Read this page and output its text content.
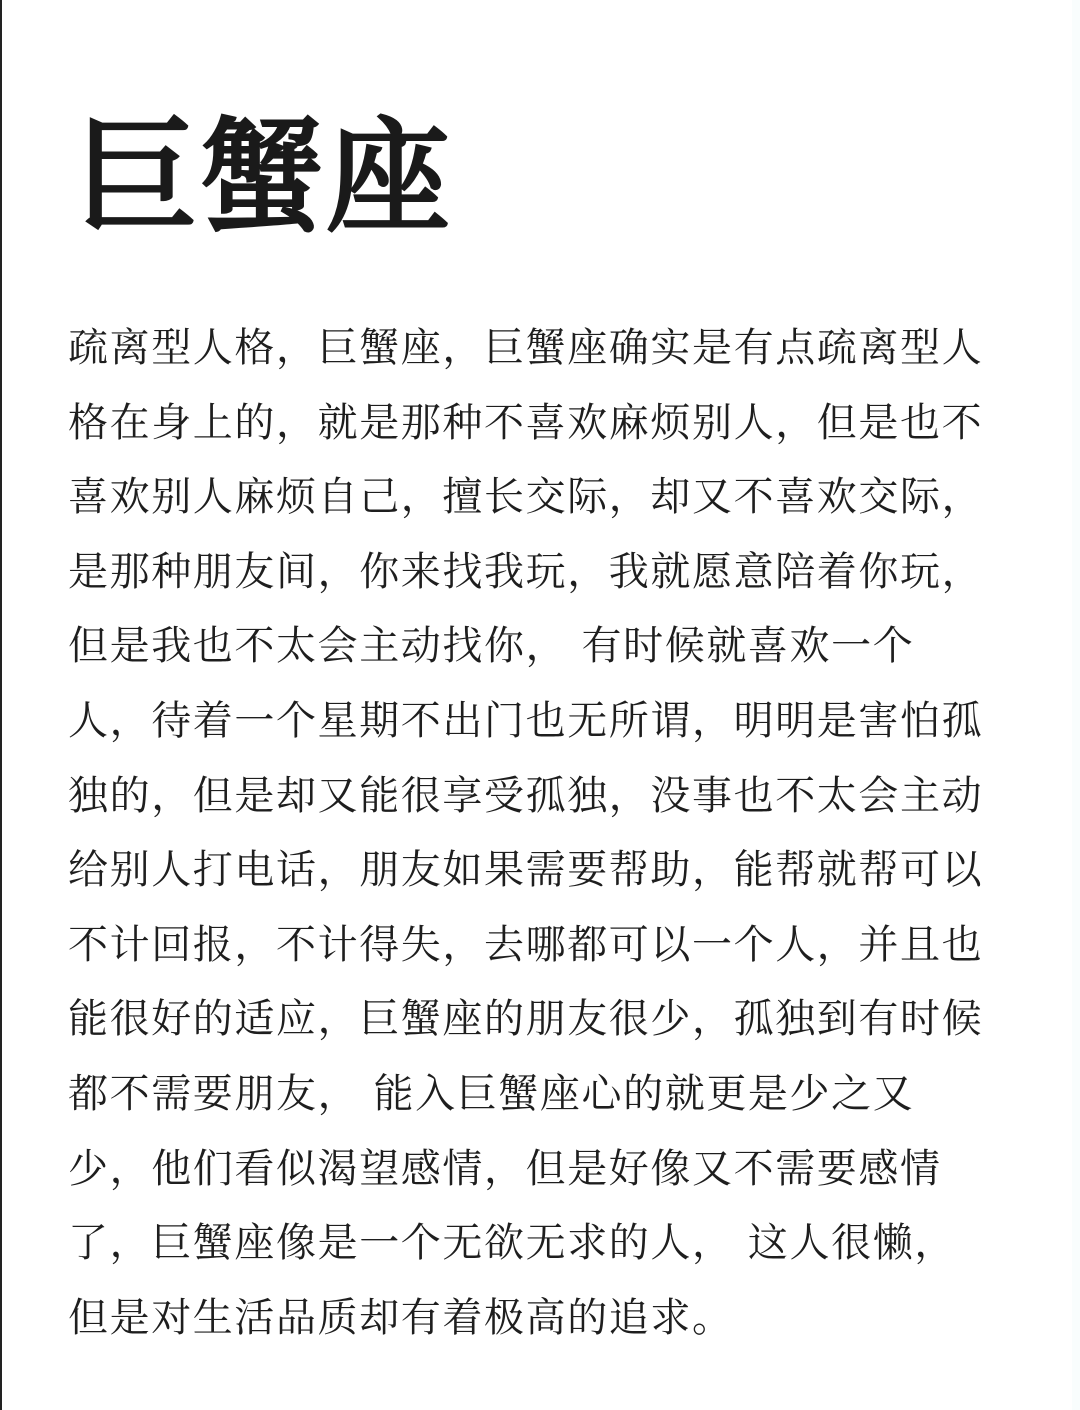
巨蟹座
疏离型人格，巨蟹座，巨蟹座确实是有点疏离型人
格在身上的，就是那种不喜欢麻烦别人，但是也不
喜欢别人麻烦自己，擅长交际，却又不喜欢交际，
是那种朋友间，你来找我玩，我就愿意陪着你玩，
但是我也不太会主动找你， 有时候就喜欢一个
人，待着一个星期不出门也无所谓，明明是害怕孤
独的，但是却又能很享受孤独，没事也不太会主动
给别人打电话，朋友如果需要帮助，能帮就帮可以
不计回报，不计得失，去哪都可以一个人，并且也
能很好的适应，巨蟹座的朋友很少，孤独到有时候
都不需要朋友， 能入巨蟹座心的就更是少之又
少，他们看似渴望感情，但是好像又不需要感情
了，巨蟹座像是一个无欲无求的人， 这人很懒，
但是对生活品质却有着极高的追求。
